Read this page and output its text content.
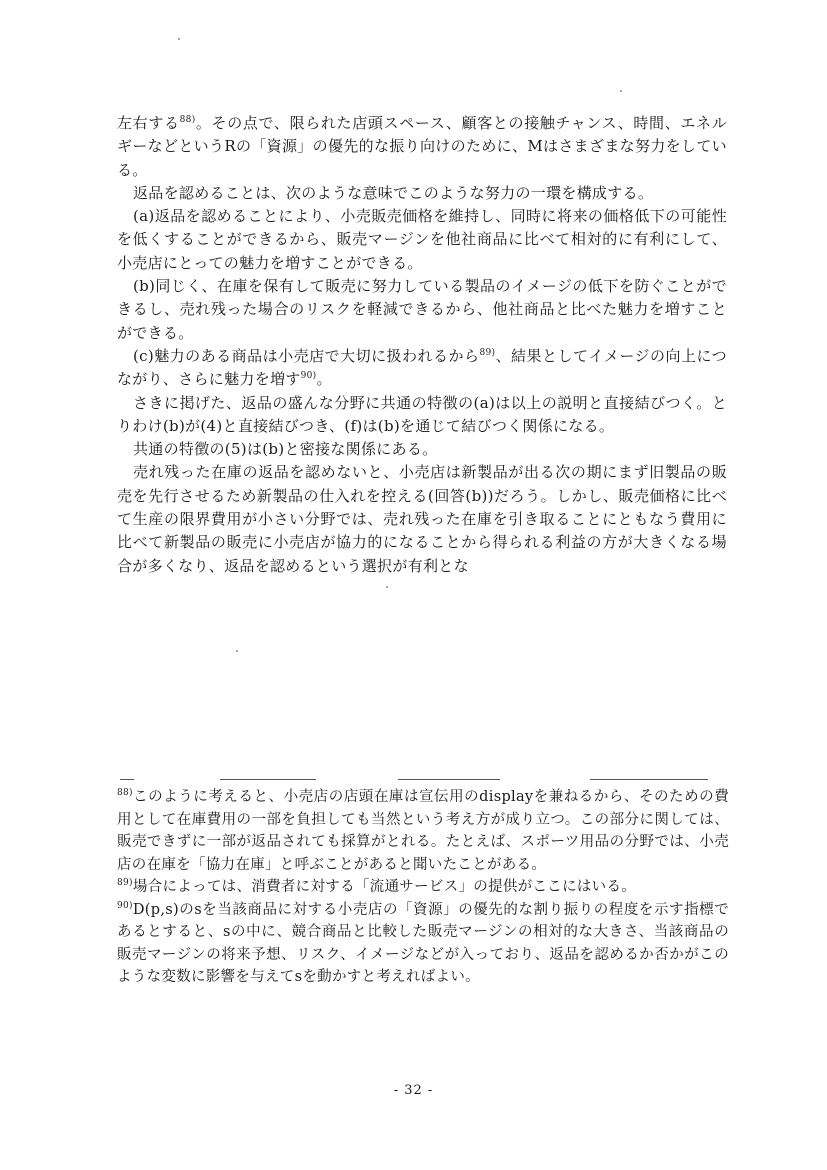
左右する$^{88)}$。その点で、限られた店頭スペース、顧客との接触チャンス、時間、エネルギーなどというRの「資源」の優先的な振り向けのために、Mはさまざまな努力をしている。

返品を認めることは、次のような意味でこのような努力の一環を構成する。

(a)返品を認めることにより、小売販売価格を維持し、同時に将来の価格低下の可能性を低くすることができるから、販売マージンを他社商品に比べて相対的に有利にして、小売店にとっての魅力を増すことができる。

(b)同じく、在庫を保有して販売に努力している製品のイメージの低下を防ぐことができるし、売れ残った場合のリスクを軽減できるから、他社商品と比べた魅力を増すことができる。

(c)魅力のある商品は小売店で大切に扱われるから$^{89)}$、結果としてイメージの向上につながり、さらに魅力を増す$^{90)}$。

さきに掲げた、返品の盛んな分野に共通の特徴の(a)は以上の説明と直接結びつく。とりわけ(b)が(4)と直接結びつき、(f)は(b)を通じて結びつく関係になる。

共通の特徴の(5)は(b)と密接な関係にある。

売れ残った在庫の返品を認めないと、小売店は新製品が出る次の期にまず旧製品の販売を先行させるため新製品の仕入れを控える(回答(b))だろう。しかし、販売価格に比べて生産の限界費用が小さい分野では、売れ残った在庫を引き取ることにともなう費用に比べて新製品の販売に小売店が協力的になることから得られる利益の方が大きくなる場合が多くなり、返品を認めるという選択が有利とな

$^{88)}$このように考えると、小売店の店頭在庫は宣伝用のdisplayを兼ねるから、そのための費用として在庫費用の一部を負担しても当然という考え方が成り立つ。この部分に関しては、販売できずに一部が返品されても採算がとれる。たとえば、スポーツ用品の分野では、小売店の在庫を「協力在庫」と呼ぶことがあると聞いたことがある。

$^{89)}$場合によっては、消費者に対する「流通サービス」の提供がここにはいる。

$^{90)}$D(p,s)のsを当該商品に対する小売店の「資源」の優先的な割り振りの程度を示す指標であるとすると、sの中に、競合商品と比較した販売マージンの相対的な大きさ、当該商品の販売マージンの将来予想、リスク、イメージなどが入っており、返品を認めるか否かがこのような変数に影響を与えてsを動かすと考えればよい。

- 32 -
